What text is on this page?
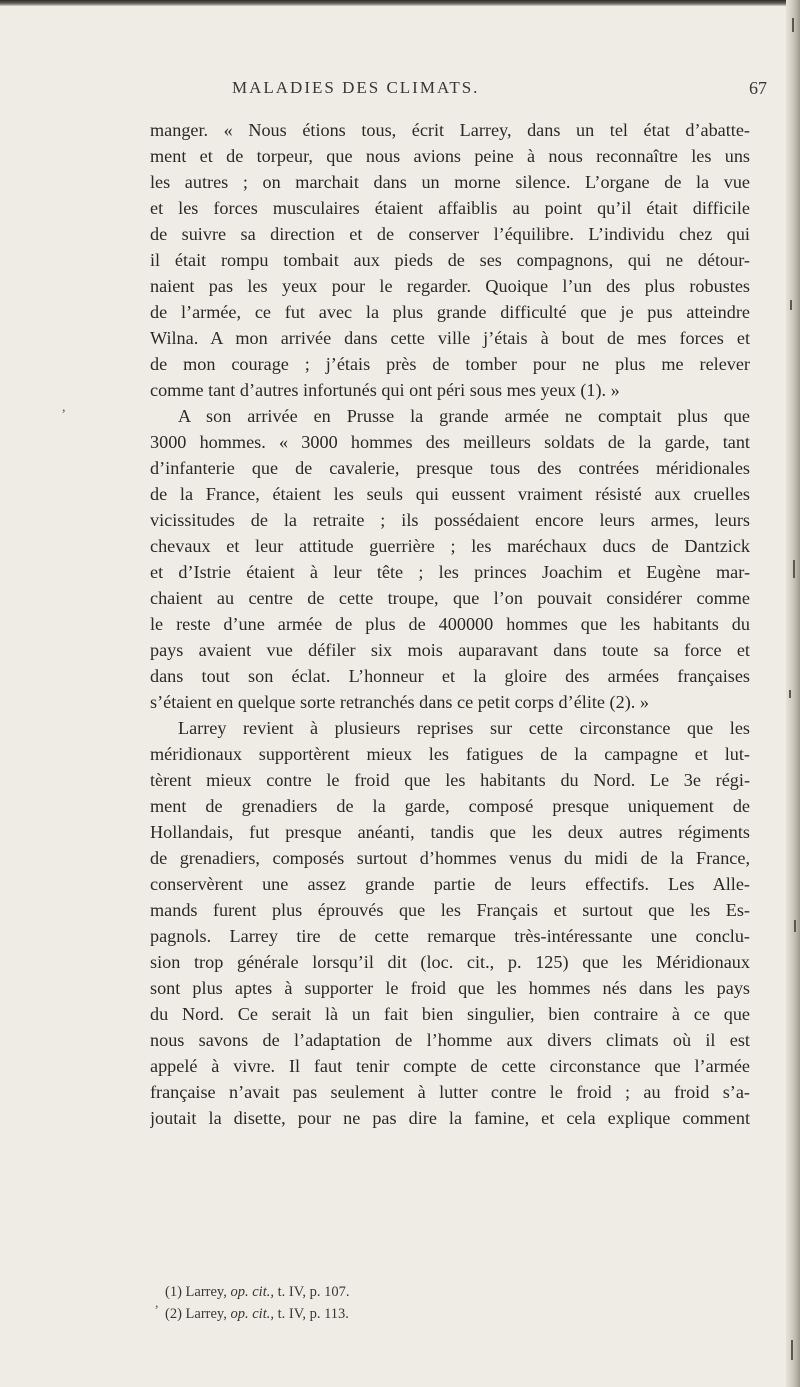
MALADIES DES CLIMATS.	67
manger. « Nous étions tous, écrit Larrey, dans un tel état d’abatte-
ment et de torpeur, que nous avions peine à nous reconnaître les uns
les autres ; on marchait dans un morne silence. L’organe de la vue
et les forces musculaires étaient affaiblis au point qu’il était difficile
de suivre sa direction et de conserver l’équilibre. L’individu chez qui
il était rompu tombait aux pieds de ses compagnons, qui ne détour-
naient pas les yeux pour le regarder. Quoique l’un des plus robustes
de l’armée, ce fut avec la plus grande difficulté que je pus atteindre
Wilna. A mon arrivée dans cette ville j’étais à bout de mes forces et
de mon courage ; j’étais près de tomber pour ne plus me relever
comme tant d’autres infortunés qui ont péri sous mes yeux (1). »
A son arrivée en Prusse la grande armée ne comptait plus que
3000 hommes. « 3000 hommes des meilleurs soldats de la garde, tant
d’infanterie que de cavalerie, presque tous des contrées méridionales
de la France, étaient les seuls qui eussent vraiment résisté aux cruelles
vicissitudes de la retraite ; ils possédaient encore leurs armes, leurs
chevaux et leur attitude guerrière ; les maréchaux ducs de Dantzick
et d’Istrie étaient à leur tête ; les princes Joachim et Eugène mar-
chaient au centre de cette troupe, que l’on pouvait considérer comme
le reste d’une armée de plus de 400000 hommes que les habitants du
pays avaient vue défiler six mois auparavant dans toute sa force et
dans tout son éclat. L’honneur et la gloire des armées françaises
s’étaient en quelque sorte retranchés dans ce petit corps d’élite (2). »
Larrey revient à plusieurs reprises sur cette circonstance que les
méridionaux supportèrent mieux les fatigues de la campagne et lut-
tèrent mieux contre le froid que les habitants du Nord. Le 3e régi-
ment de grenadiers de la garde, composé presque uniquement de
Hollandais, fut presque anéanti, tandis que les deux autres régiments
de grenadiers, composés surtout d’hommes venus du midi de la France,
conservèrent une assez grande partie de leurs effectifs. Les Alle-
mands furent plus éprouvés que les Français et surtout que les Es-
pagnols. Larrey tire de cette remarque très-intéressante une conclu-
sion trop générale lorsqu’il dit (loc. cit., p. 125) que les Méridionaux
sont plus aptes à supporter le froid que les hommes nés dans les pays
du Nord. Ce serait là un fait bien singulier, bien contraire à ce que
nous savons de l’adaptation de l’homme aux divers climats où il est
appelé à vivre. Il faut tenir compte de cette circonstance que l’armée
française n’avait pas seulement à lutter contre le froid ; au froid s’a-
joutait la disette, pour ne pas dire la famine, et cela explique comment
(1) Larrey, op. cit., t. IV, p. 107.
(2) Larrey, op. cit., t. IV, p. 113.
,
,
